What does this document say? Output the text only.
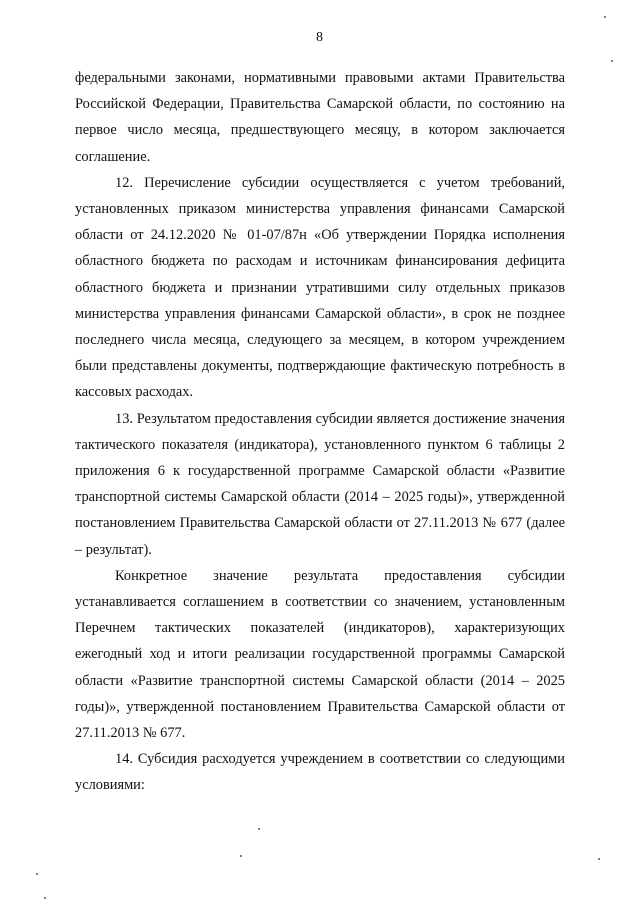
8

федеральными законами, нормативными правовыми актами Правительства Российской Федерации, Правительства Самарской области, по состоянию на первое число месяца, предшествующего месяцу, в котором заключается соглашение.

12. Перечисление субсидии осуществляется с учетом требований, установленных приказом министерства управления финансами Самарской области от 24.12.2020 № 01-07/87н «Об утверждении Порядка исполнения областного бюджета по расходам и источникам финансирования дефицита областного бюджета и признании утратившими силу отдельных приказов министерства управления финансами Самарской области», в срок не позднее последнего числа месяца, следующего за месяцем, в котором учреждением были представлены документы, подтверждающие фактическую потребность в кассовых расходах.

13. Результатом предоставления субсидии является достижение значения тактического показателя (индикатора), установленного пунктом 6 таблицы 2 приложения 6 к государственной программе Самарской области «Развитие транспортной системы Самарской области (2014 – 2025 годы)», утвержденной постановлением Правительства Самарской области от 27.11.2013 № 677 (далее – результат).

Конкретное значение результата предоставления субсидии устанавливается соглашением в соответствии со значением, установленным Перечнем тактических показателей (индикаторов), характеризующих ежегодный ход и итоги реализации государственной программы Самарской области «Развитие транспортной системы Самарской области (2014 – 2025 годы)», утвержденной постановлением Правительства Самарской области от 27.11.2013 № 677.

14. Субсидия расходуется учреждением в соответствии со следующими условиями:
